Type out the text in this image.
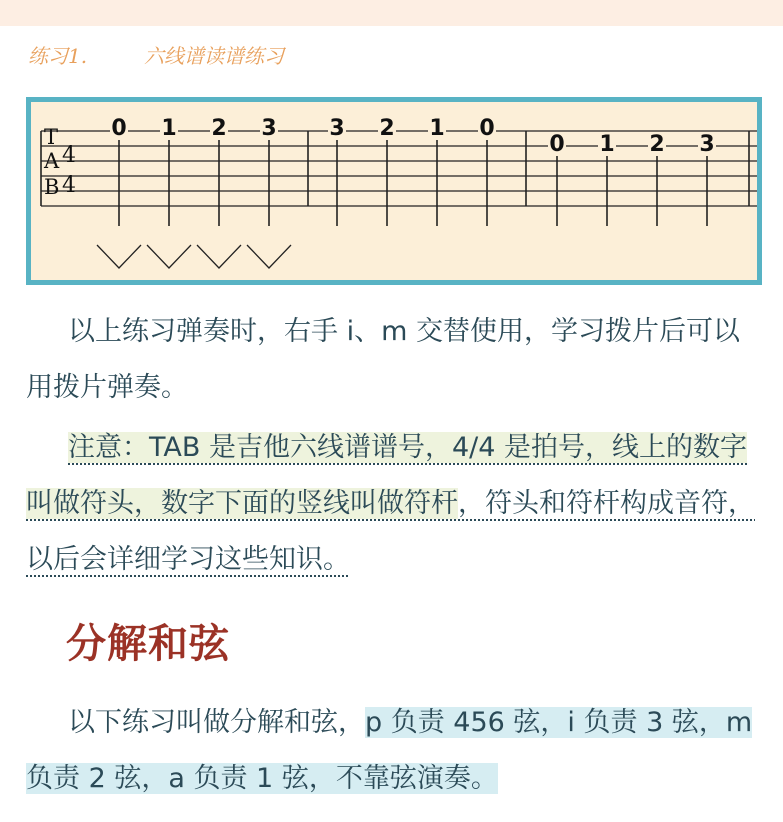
练习1.	六线谱读谱练习
0 1 2 3 3 2 1 0
0 1 2 3
T
A
B
4
4

以上练习弹奏时，右手 i、m 交替使用，学习拨片后可以用拨片弹奏。

注意：TAB 是吉他六线谱谱号，4/4 是拍号，线上的数字叫做符头，数字下面的竖线叫做符杆，符头和符杆构成音符，以后会详细学习这些知识。

分解和弦

以下练习叫做分解和弦，p 负责 456 弦，i 负责 3 弦，m 负责 2 弦，a 负责 1 弦，不靠弦演奏。
